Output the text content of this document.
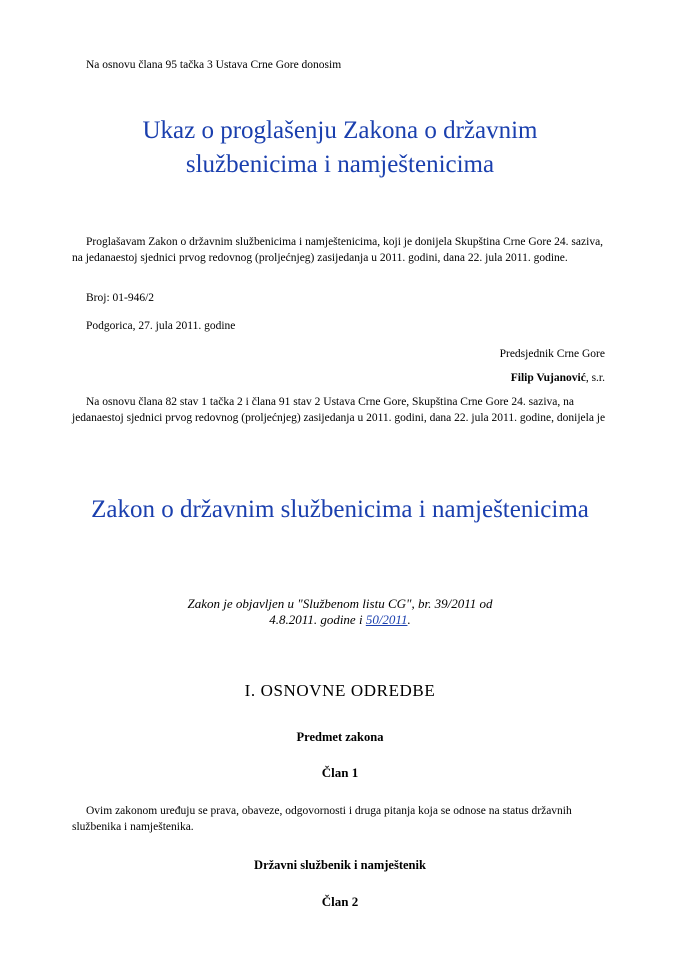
Na osnovu člana 95 tačka 3 Ustava Crne Gore donosim
Ukaz o proglašenju Zakona o državnim
službenicima i namještenicima

Proglašavam Zakon o državnim službenicima i namještenicima, koji je donijela Skupština Crne Gore 24. saziva, na jedanaestoj sjednici prvog redovnog (proljećnjeg) zasijedanja u 2011. godini, dana 22. jula 2011. godine.

Broj: 01-946/2
Podgorica, 27. jula 2011. godine
Predsjednik Crne Gore
Filip Vujanović, s.r.

Na osnovu člana 82 stav 1 tačka 2 i člana 91 stav 2 Ustava Crne Gore, Skupština Crne Gore 24. saziva, na jedanaestoj sjednici prvog redovnog (proljećnjeg) zasijedanja u 2011. godini, dana 22. jula 2011. godine, donijela je

Zakon o državnim službenicima i namještenicima
Zakon je objavljen u "Službenom listu CG", br. 39/2011 od
4.8.2011. godine i 50/2011.
I. OSNOVNE ODREDBE
Predmet zakona
Član 1

Ovim zakonom uređuju se prava, obaveze, odgovornosti i druga pitanja koja se odnose na status državnih službenika i namještenika.

Državni službenik i namještenik
Član 2
